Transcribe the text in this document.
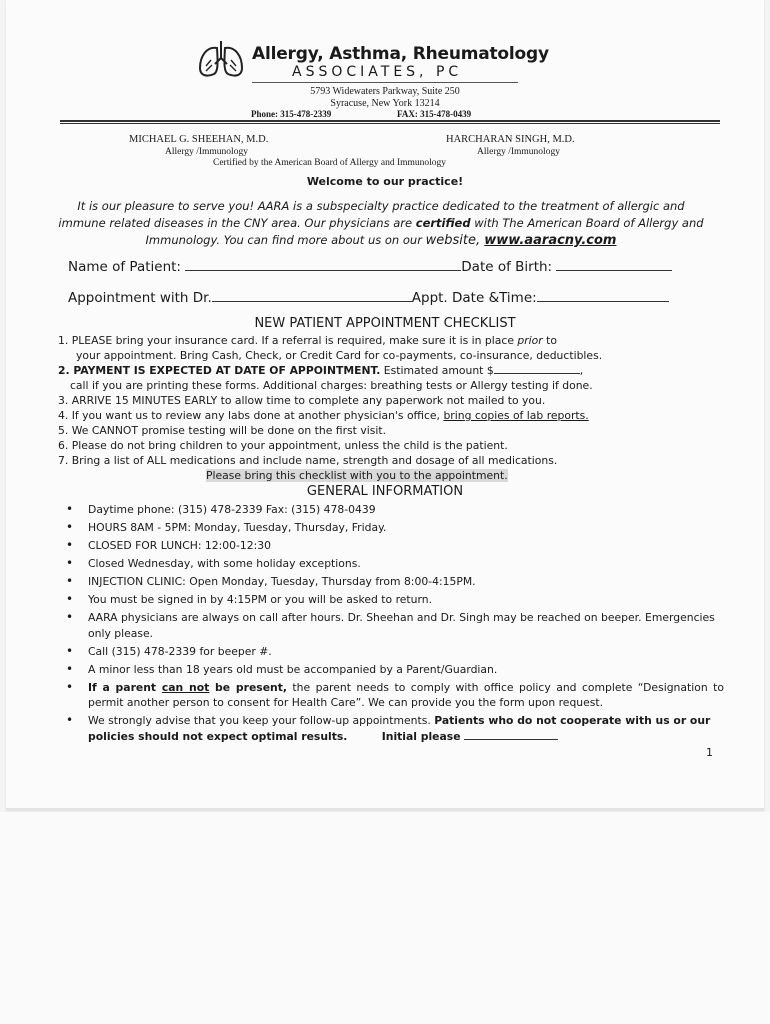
Allergy, Asthma, Rheumatology
ASSOCIATES, PC
5793 Widewaters Parkway, Suite 250
Syracuse, New York 13214
Phone: 315-478-2339	FAX: 315-478-0439
MICHAEL G. SHEEHAN, M.D.
Allergy /Immunology
HARCHARAN SINGH, M.D.
Allergy /Immunology
Certified by the American Board of Allergy and Immunology
Welcome to our practice!
It is our pleasure to serve you! AARA is a subspecialty practice dedicated to the treatment of allergic and immune related diseases in the CNY area. Our physicians are certified with The American Board of Allergy and Immunology. You can find more about us on our website, www.aaracny.com
Name of Patient:	Date of Birth:
Appointment with Dr.	Appt. Date &Time:
NEW PATIENT APPOINTMENT CHECKLIST
1. PLEASE bring your insurance card. If a referral is required, make sure it is in place prior to
your appointment. Bring Cash, Check, or Credit Card for co-payments, co-insurance, deductibles.
2. PAYMENT IS EXPECTED AT DATE OF APPOINTMENT. Estimated amount $	,
call if you are printing these forms. Additional charges: breathing tests or Allergy testing if done.
3. ARRIVE 15 MINUTES EARLY to allow time to complete any paperwork not mailed to you.
4. If you want us to review any labs done at another physician's office, bring copies of lab reports.
5. We CANNOT promise testing will be done on the first visit.
6. Please do not bring children to your appointment, unless the child is the patient.
7. Bring a list of ALL medications and include name, strength and dosage of all medications.
Please bring this checklist with you to the appointment.
GENERAL INFORMATION
• Daytime phone: (315) 478-2339 Fax: (315) 478-0439
• HOURS 8AM - 5PM: Monday, Tuesday, Thursday, Friday.
• CLOSED FOR LUNCH: 12:00-12:30
• Closed Wednesday, with some holiday exceptions.
• INJECTION CLINIC: Open Monday, Tuesday, Thursday from 8:00-4:15PM.
• You must be signed in by 4:15PM or you will be asked to return.
• AARA physicians are always on call after hours. Dr. Sheehan and Dr. Singh may be reached on beeper. Emergencies only please.
• Call (315) 478-2339 for beeper #.
• A minor less than 18 years old must be accompanied by a Parent/Guardian.
• If a parent can not be present, the parent needs to comply with office policy and complete “Designation to permit another person to consent for Health Care”. We can provide you the form upon request.
• We strongly advise that you keep your follow-up appointments. Patients who do not cooperate with us or our policies should not expect optimal results.	Initial please
1
